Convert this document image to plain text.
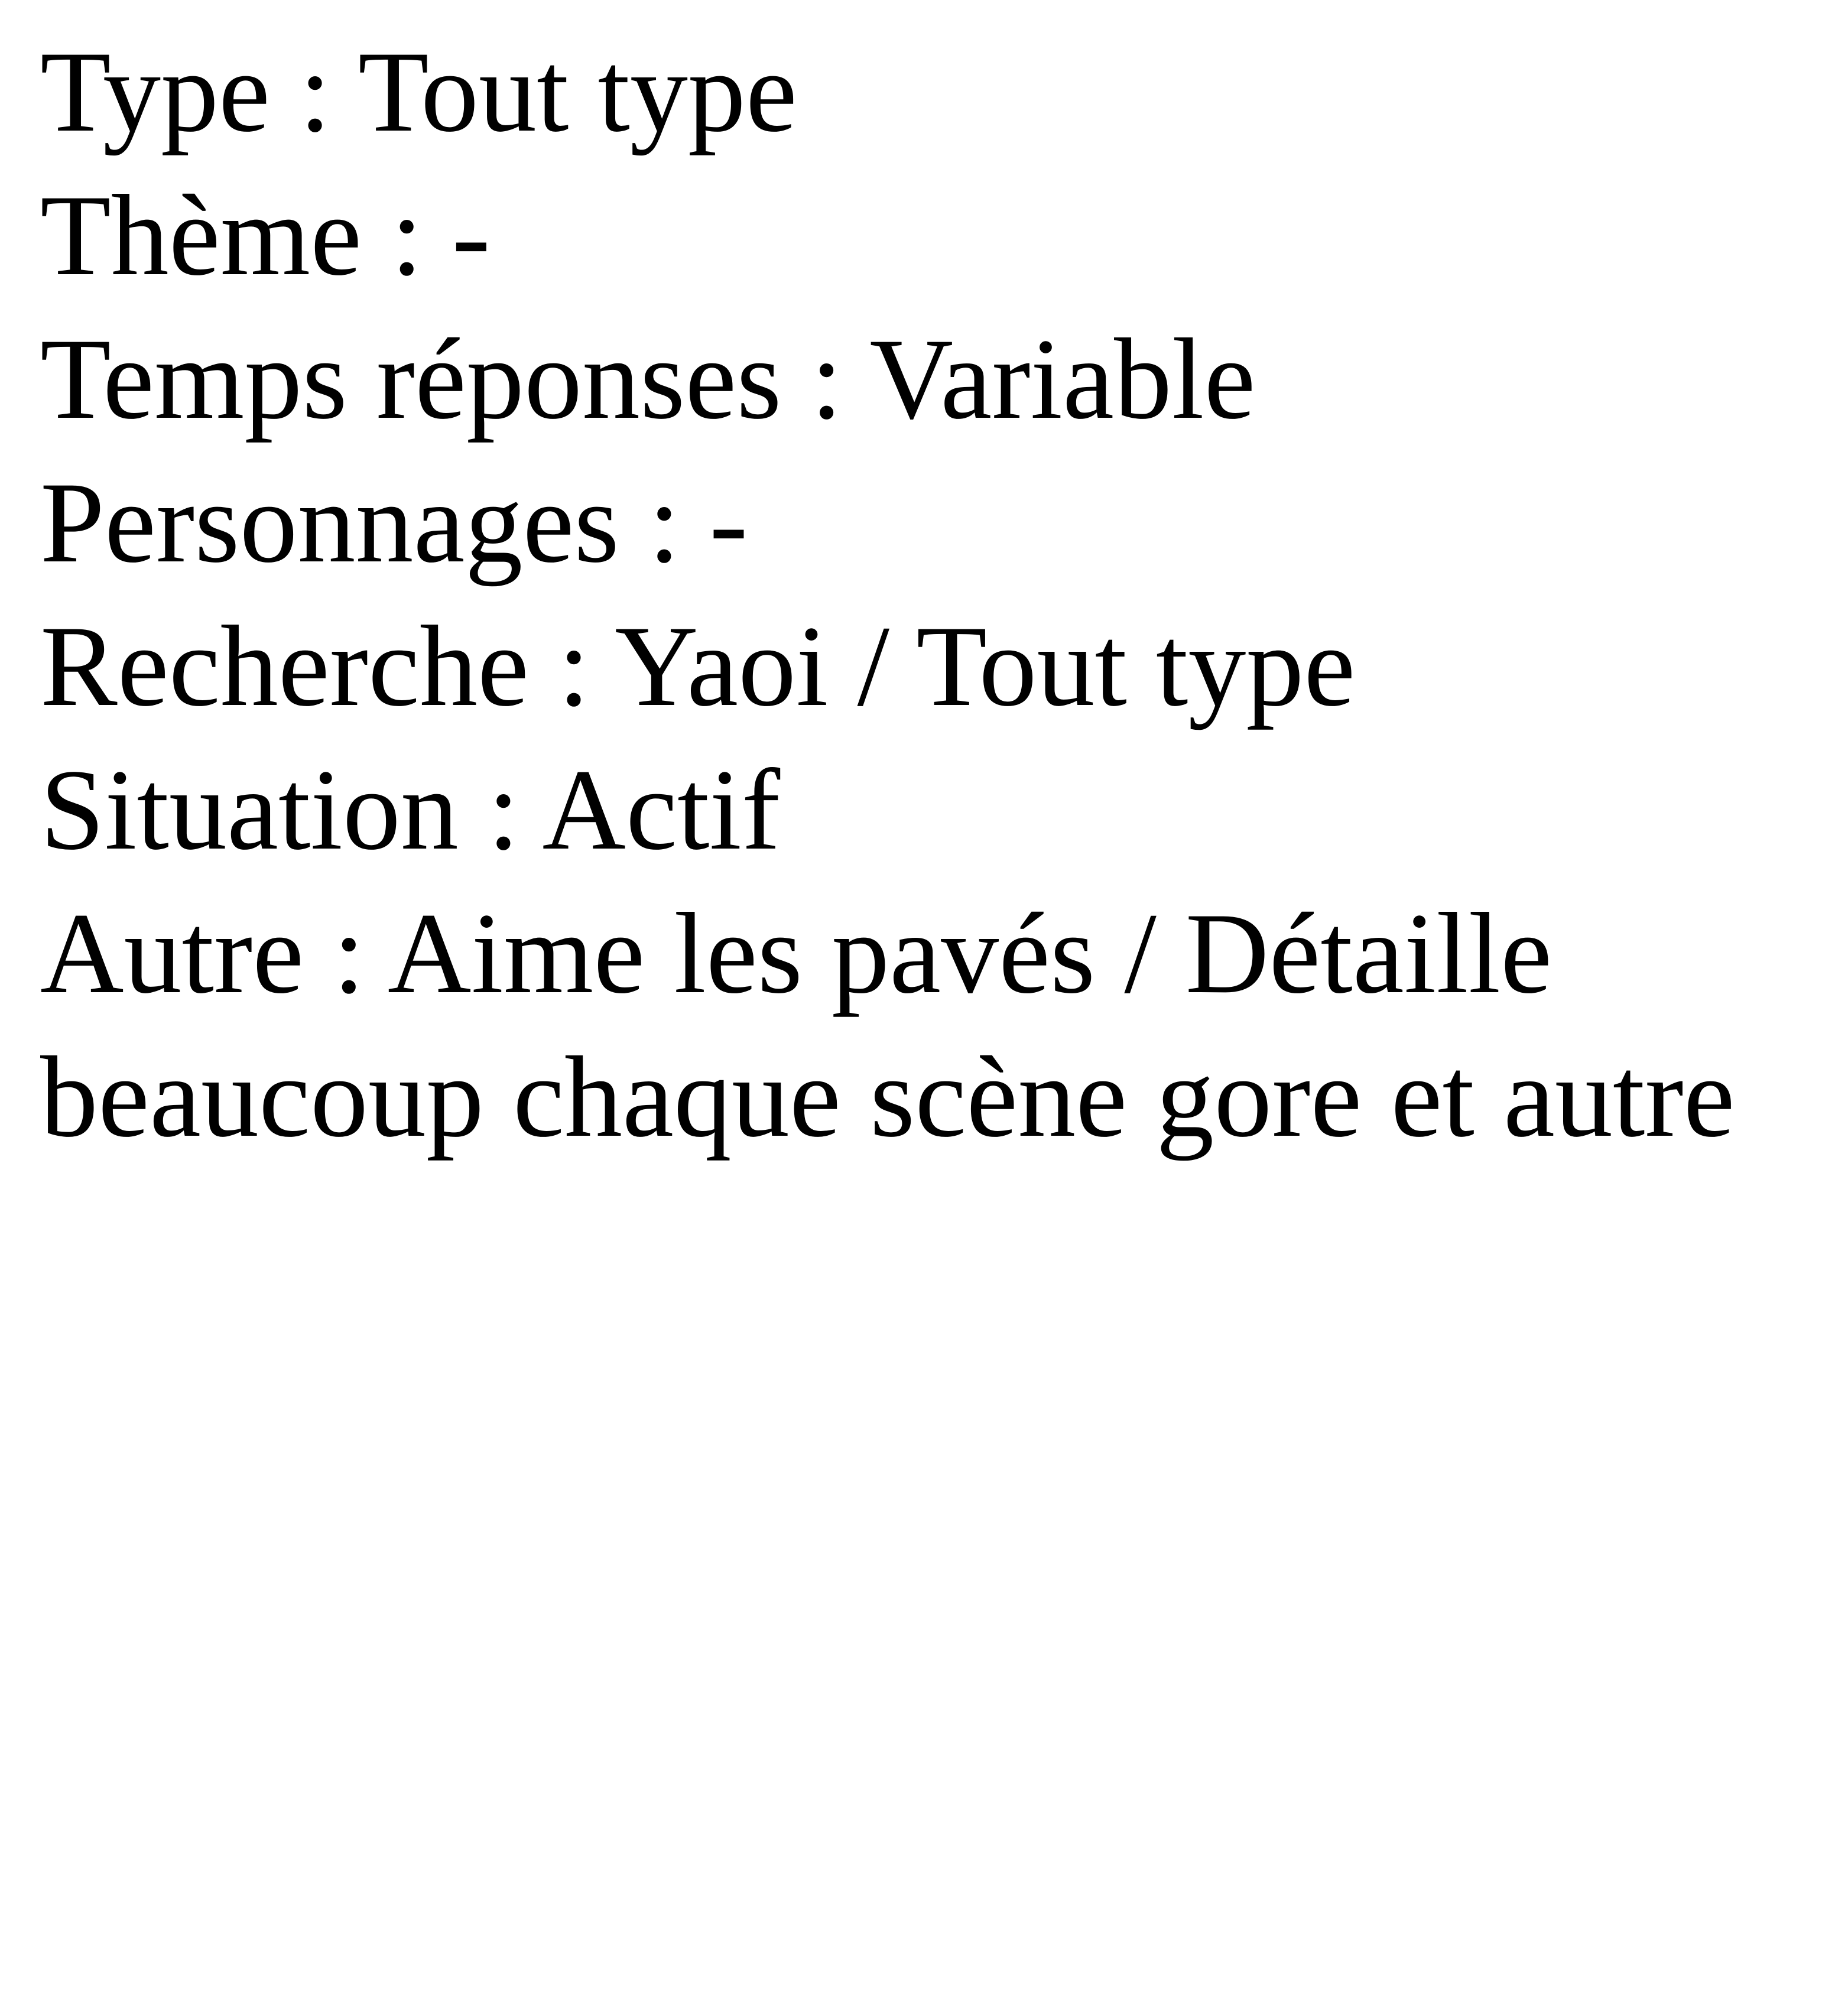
Type : Tout type
Thème : -
Temps réponses : Variable
Personnages : -
Recherche : Yaoi / Tout type
Situation : Actif
Autre : Aime les pavés / Détaille beaucoup chaque scène gore et autre
